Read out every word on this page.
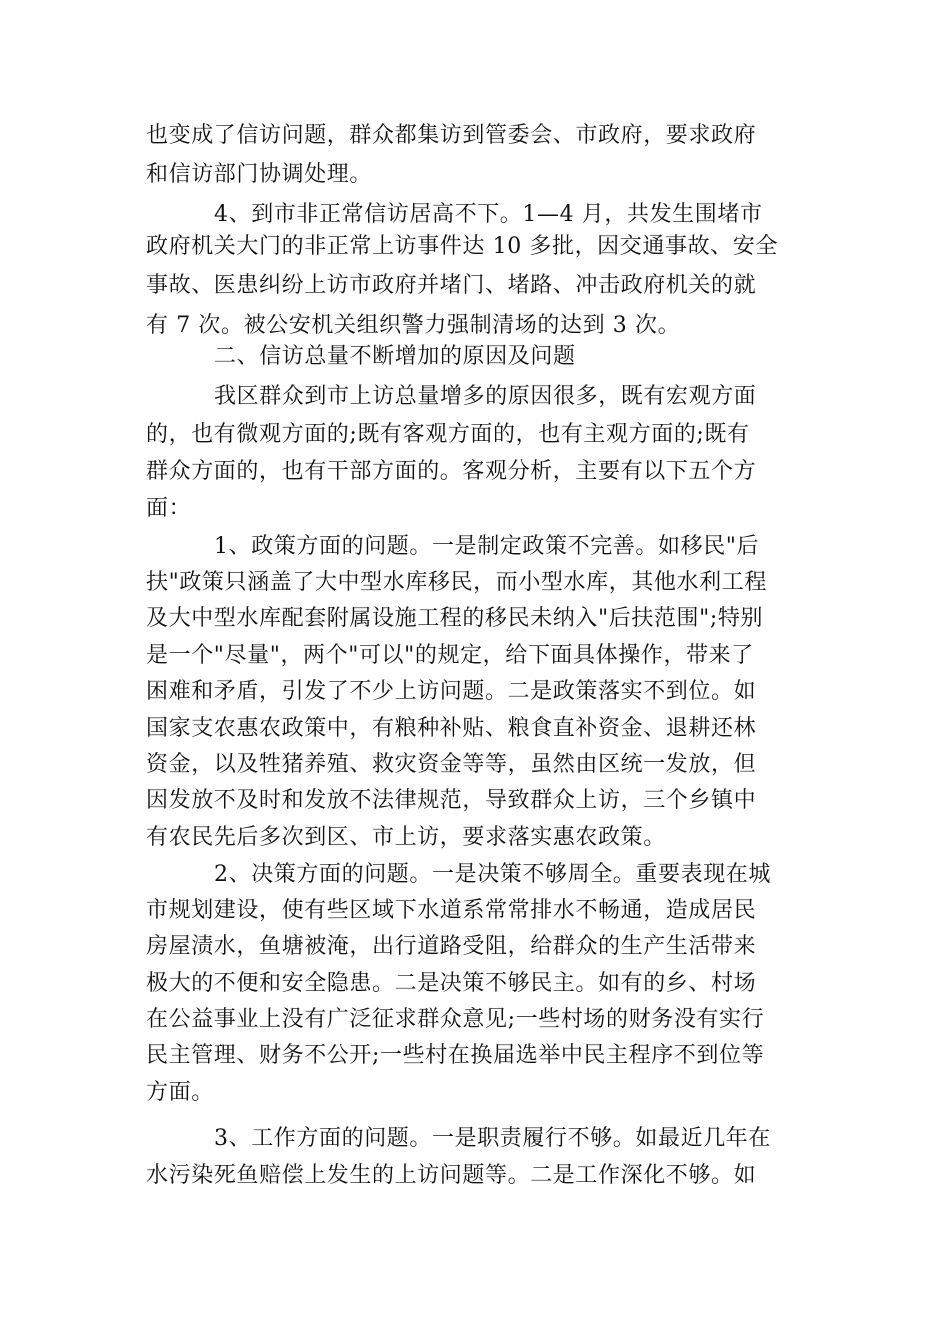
也变成了信访问题，群众都集访到管委会、市政府，要求政府
和信访部门协调处理。
4、到市非正常信访居高不下。1—4 月，共发生围堵市
政府机关大门的非正常上访事件达 10 多批，因交通事故、安全
事故、医患纠纷上访市政府并堵门、堵路、冲击政府机关的就
有 7 次。被公安机关组织警力强制清场的达到 3 次。
二、信访总量不断增加的原因及问题
我区群众到市上访总量增多的原因很多，既有宏观方面
的，也有微观方面的;既有客观方面的，也有主观方面的;既有
群众方面的，也有干部方面的。客观分析，主要有以下五个方
面：
1、政策方面的问题。一是制定政策不完善。如移民"后
扶"政策只涵盖了大中型水库移民，而小型水库，其他水利工程
及大中型水库配套附属设施工程的移民未纳入"后扶范围";特别
是一个"尽量"，两个"可以"的规定，给下面具体操作，带来了
困难和矛盾，引发了不少上访问题。二是政策落实不到位。如
国家支农惠农政策中，有粮种补贴、粮食直补资金、退耕还林
资金，以及牲猪养殖、救灾资金等等，虽然由区统一发放，但
因发放不及时和发放不法律规范，导致群众上访，三个乡镇中
有农民先后多次到区、市上访，要求落实惠农政策。
2、决策方面的问题。一是决策不够周全。重要表现在城
市规划建设，使有些区域下水道系常常排水不畅通，造成居民
房屋渍水，鱼塘被淹，出行道路受阻，给群众的生产生活带来
极大的不便和安全隐患。二是决策不够民主。如有的乡、村场
在公益事业上没有广泛征求群众意见;一些村场的财务没有实行
民主管理、财务不公开;一些村在换届选举中民主程序不到位等
方面。
3、工作方面的问题。一是职责履行不够。如最近几年在
水污染死鱼赔偿上发生的上访问题等。二是工作深化不够。如
